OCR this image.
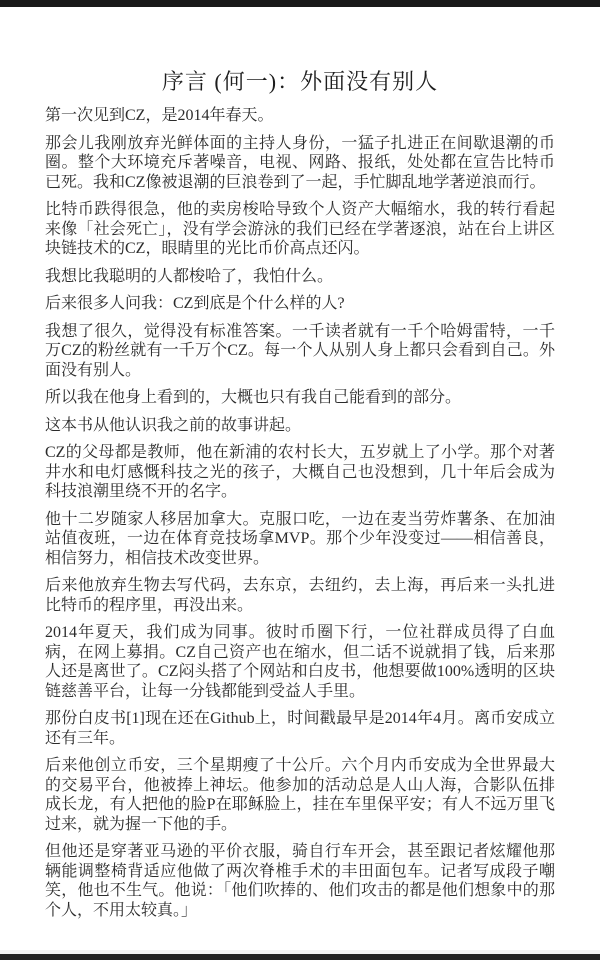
序言 (何一)：外面没有别人

第一次见到CZ，是2014年春天。

那会儿我刚放弃光鲜体面的主持人身份，一猛子扎进正在间歇退潮的币圈。整个大环境充斥著噪音，电视、网路、报纸，处处都在宣告比特币已死。我和CZ像被退潮的巨浪卷到了一起，手忙脚乱地学著逆浪而行。

比特币跌得很急，他的卖房梭哈导致个人资产大幅缩水，我的转行看起来像「社会死亡」，没有学会游泳的我们已经在学著逐浪，站在台上讲区块链技术的CZ，眼睛里的光比币价高点还闪。

我想比我聪明的人都梭哈了，我怕什么。

后来很多人问我：CZ到底是个什么样的人?

我想了很久，觉得没有标准答案。一千读者就有一千个哈姆雷特，一千万CZ的粉丝就有一千万个CZ。每一个人从别人身上都只会看到自己。外面没有别人。

所以我在他身上看到的，大概也只有我自己能看到的部分。

这本书从他认识我之前的故事讲起。

CZ的父母都是教师，他在新浦的农村长大，五岁就上了小学。那个对著井水和电灯感慨科技之光的孩子，大概自己也没想到，几十年后会成为科技浪潮里绕不开的名字。

他十二岁随家人移居加拿大。克服口吃，一边在麦当劳炸薯条、在加油站值夜班，一边在体育竞技场拿MVP。那个少年没变过——相信善良，相信努力，相信技术改变世界。

后来他放弃生物去写代码，去东京，去纽约，去上海，再后来一头扎进比特币的程序里，再没出来。

2014年夏天，我们成为同事。彼时币圈下行，一位社群成员得了白血病，在网上募捐。CZ自己资产也在缩水，但二话不说就捐了钱，后来那人还是离世了。CZ闷头搭了个网站和白皮书，他想要做100%透明的区块链慈善平台，让每一分钱都能到受益人手里。

那份白皮书[1]现在还在Github上，时间戳最早是2014年4月。离币安成立还有三年。

后来他创立币安，三个星期瘦了十公斤。六个月内币安成为全世界最大的交易平台，他被捧上神坛。他参加的活动总是人山人海，合影队伍排成长龙，有人把他的脸P在耶稣脸上，挂在车里保平安；有人不远万里飞过来，就为握一下他的手。

但他还是穿著亚马逊的平价衣服，骑自行车开会，甚至跟记者炫耀他那辆能调整椅背适应他做了两次脊椎手术的丰田面包车。记者写成段子嘲笑，他也不生气。他说：「他们吹捧的、他们攻击的都是他们想象中的那个人，不用太较真。」
